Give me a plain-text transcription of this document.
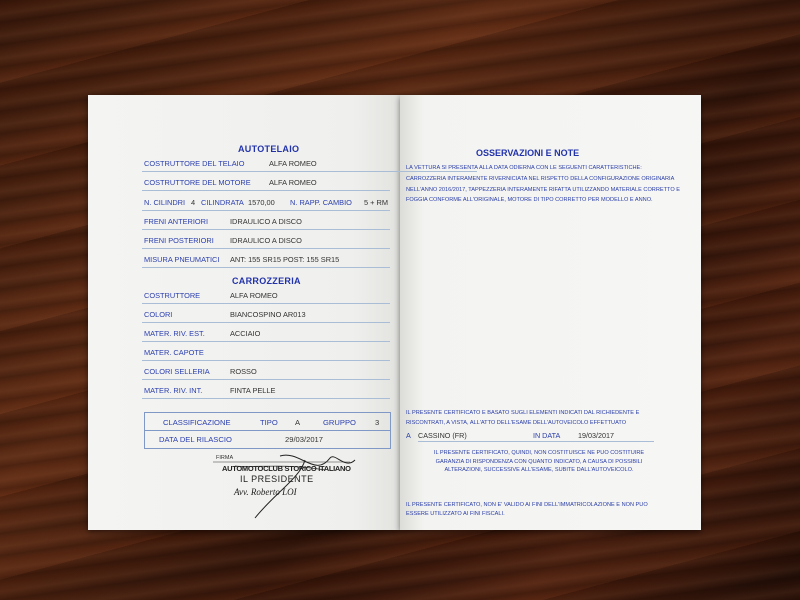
AUTOTELAIO
COSTRUTTORE DEL TELAIO	ALFA ROMEO
COSTRUTTORE DEL MOTORE ALFA ROMEO
N. CILINDRI 4 CILINDRATA 1570,00 N. RAPP. CAMBIO 5 + RM
FRENI ANTERIORI	IDRAULICO A DISCO
FRENI POSTERIORI IDRAULICO A DISCO
MISURA PNEUMATICI ANT: 155 SR15 POST: 155 SR15
CARROZZERIA
COSTRUTTORE	ALFA ROMEO
COLORI	BIANCOSPINO AR013
MATER. RIV. EST.	ACCIAIO
MATER. CAPOTE
COLORI SELLERIA	ROSSO
MATER. RIV. INT.	FINTA PELLE
CLASSIFICAZIONE	TIPO A	GRUPPO	3
DATA DEL RILASCIO	29/03/2017
FIRMA
AUTOMOTOCLUB STORICO ITALIANO
IL PRESIDENTE
Avv. Roberto LOI
OSSERVAZIONI E NOTE
LA VETTURA SI PRESENTA ALLA DATA ODIERNA CON LE SEGUENTI CARATTERISTICHE: CARROZZERIA INTERAMENTE RIVERNICIATA NEL RISPETTO DELLA CONFIGURAZIONE ORIGINARIA NELL'ANNO 2016/2017, TAPPEZZERIA INTERAMENTE RIFATTA UTILIZZANDO MATERIALE CORRETTO E FOGGIA CONFORME ALL'ORIGINALE, MOTORE DI TIPO CORRETTO PER MODELLO E ANNO.
IL PRESENTE CERTIFICATO E BASATO SUGLI ELEMENTI INDICATI DAL RICHIEDENTE E RISCONTRATI, A VISTA, ALL'ATTO DELL'ESAME DELL'AUTOVEICOLO EFFETTUATO
A CASSINO (FR)	IN DATA 19/03/2017
IL PRESENTE CERTIFICATO, QUINDI, NON COSTITUISCE NE PUO COSTITUIRE GARANZIA DI RISPONDENZA CON QUANTO INDICATO, A CAUSA DI POSSIBILI ALTERAZIONI, SUCCESSIVE ALL'ESAME, SUBITE DALL'AUTOVEICOLO.
IL PRESENTE CERTIFICATO, NON E' VALIDO AI FINI DELL'IMMATRICOLAZIONE E NON PUO ESSERE UTILIZZATO AI FINI FISCALI.
